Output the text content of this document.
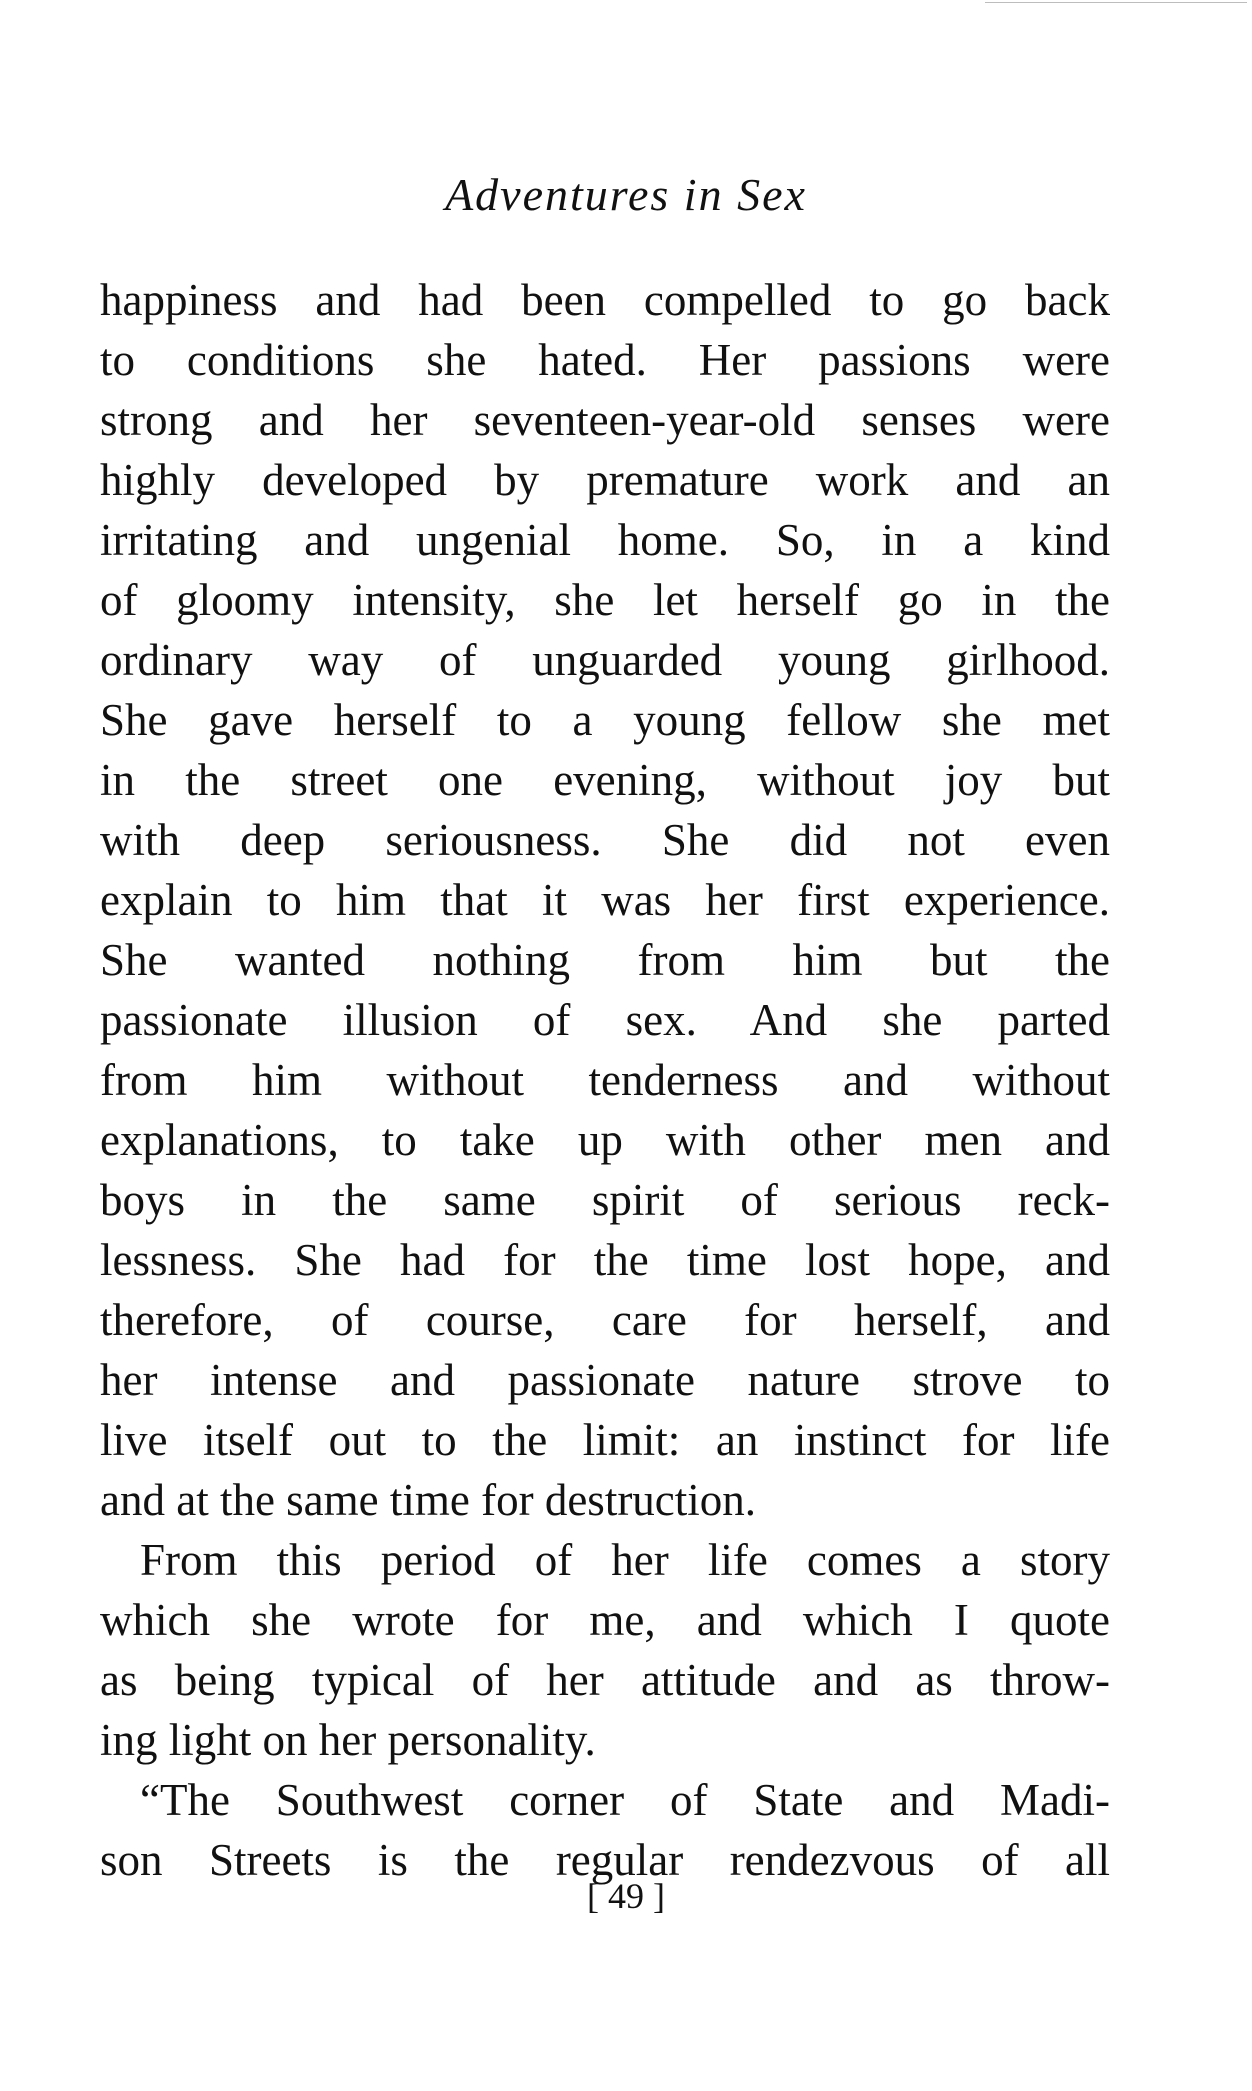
Adventures in Sex
happiness and had been compelled to go back
to conditions she hated. Her passions were
strong and her seventeen-year-old senses were
highly developed by premature work and an
irritating and ungenial home. So, in a kind
of gloomy intensity, she let herself go in the
ordinary way of unguarded young girlhood.
She gave herself to a young fellow she met
in the street one evening, without joy but
with deep seriousness. She did not even
explain to him that it was her first experience.
She wanted nothing from him but the
passionate illusion of sex. And she parted
from him without tenderness and without
explanations, to take up with other men and
boys in the same spirit of serious reck-
lessness. She had for the time lost hope, and
therefore, of course, care for herself, and
her intense and passionate nature strove to
live itself out to the limit: an instinct for life
and at the same time for destruction.
From this period of her life comes a story
which she wrote for me, and which I quote
as being typical of her attitude and as throw-
ing light on her personality.
“The Southwest corner of State and Madi-
son Streets is the regular rendezvous of all
[ 49 ]
